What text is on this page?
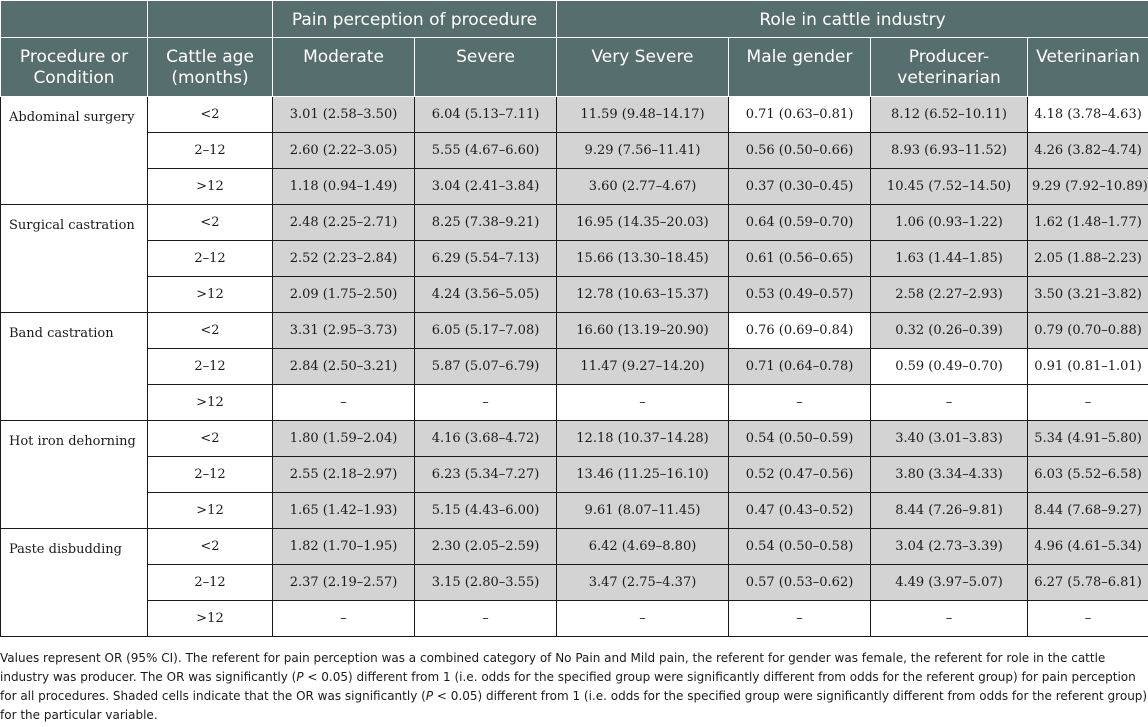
		Pain perception of procedure		Role in cattle industry			
Procedure or Condition	Cattle age (months)	Moderate	Severe	Very Severe	Male gender	Producer-veterinarian	Veterinarian
Abdominal surgery	<2	3.01 (2.58–3.50)	6.04 (5.13–7.11)	11.59 (9.48–14.17)	0.71 (0.63–0.81)	8.12 (6.52–10.11)	4.18 (3.78–4.63)
	2–12	2.60 (2.22–3.05)	5.55 (4.67–6.60)	9.29 (7.56–11.41)	0.56 (0.50–0.66)	8.93 (6.93–11.52)	4.26 (3.82–4.74)
	>12	1.18 (0.94–1.49)	3.04 (2.41–3.84)	3.60 (2.77–4.67)	0.37 (0.30–0.45)	10.45 (7.52–14.50)	9.29 (7.92–10.89)
Surgical castration	<2	2.48 (2.25–2.71)	8.25 (7.38–9.21)	16.95 (14.35–20.03)	0.64 (0.59–0.70)	1.06 (0.93–1.22)	1.62 (1.48–1.77)
	2–12	2.52 (2.23–2.84)	6.29 (5.54–7.13)	15.66 (13.30–18.45)	0.61 (0.56–0.65)	1.63 (1.44–1.85)	2.05 (1.88–2.23)
	>12	2.09 (1.75–2.50)	4.24 (3.56–5.05)	12.78 (10.63–15.37)	0.53 (0.49–0.57)	2.58 (2.27–2.93)	3.50 (3.21–3.82)
Band castration	<2	3.31 (2.95–3.73)	6.05 (5.17–7.08)	16.60 (13.19–20.90)	0.76 (0.69–0.84)	0.32 (0.26–0.39)	0.79 (0.70–0.88)
	2–12	2.84 (2.50–3.21)	5.87 (5.07–6.79)	11.47 (9.27–14.20)	0.71 (0.64–0.78)	0.59 (0.49–0.70)	0.91 (0.81–1.01)
	>12	–	–	–	–	–	–
Hot iron dehorning	<2	1.80 (1.59–2.04)	4.16 (3.68–4.72)	12.18 (10.37–14.28)	0.54 (0.50–0.59)	3.40 (3.01–3.83)	5.34 (4.91–5.80)
	2–12	2.55 (2.18–2.97)	6.23 (5.34–7.27)	13.46 (11.25–16.10)	0.52 (0.47–0.56)	3.80 (3.34–4.33)	6.03 (5.52–6.58)
	>12	1.65 (1.42–1.93)	5.15 (4.43–6.00)	9.61 (8.07–11.45)	0.47 (0.43–0.52)	8.44 (7.26–9.81)	8.44 (7.68–9.27)
Paste disbudding	<2	1.82 (1.70–1.95)	2.30 (2.05–2.59)	6.42 (4.69–8.80)	0.54 (0.50–0.58)	3.04 (2.73–3.39)	4.96 (4.61–5.34)
	2–12	2.37 (2.19–2.57)	3.15 (2.80–3.55)	3.47 (2.75–4.37)	0.57 (0.53–0.62)	4.49 (3.97–5.07)	6.27 (5.78–6.81)
	>12	–	–	–	–	–	–

Values represent OR (95% CI). The referent for pain perception was a combined category of No Pain and Mild pain, the referent for gender was female, the referent for role in the cattle industry was producer. The OR was significantly (P < 0.05) different from 1 (i.e. odds for the specified group were significantly different from odds for the referent group) for pain perception for all procedures. Shaded cells indicate that the OR was significantly (P < 0.05) different from 1 (i.e. odds for the specified group were significantly different from odds for the referent group) for the particular variable.
